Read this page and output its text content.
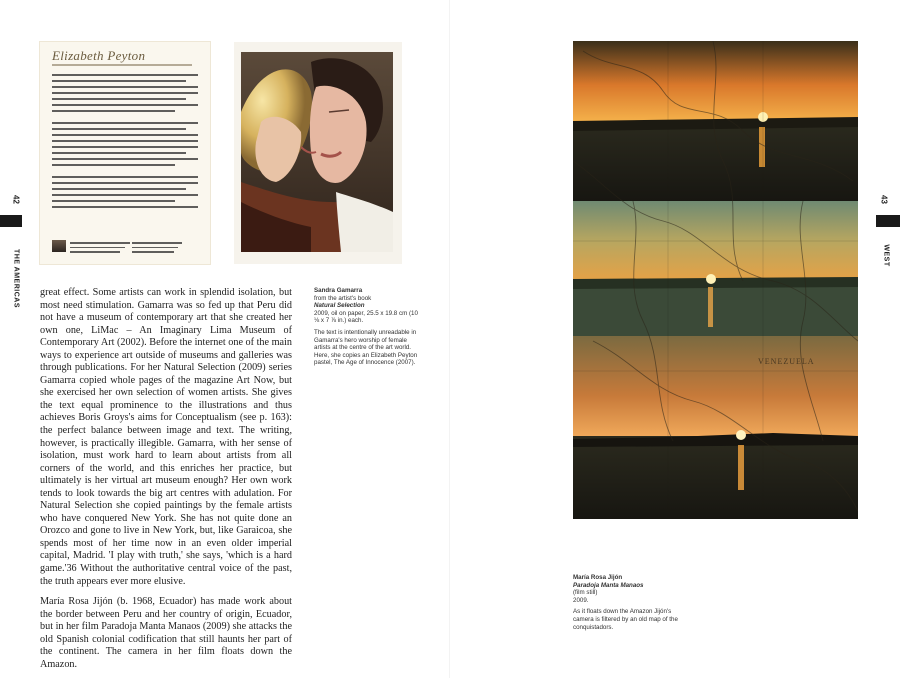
42
THE AMERICAS
Elizabeth Peyton

great effect. Some artists can work in splendid isolation, but most need stimulation. Gamarra was so fed up that Peru did not have a museum of contemporary art that she created her own one, LiMac – An Imaginary Lima Museum of Contemporary Art (2002). Before the internet one of the main ways to experience art outside of museums and galleries was through publications. For her Natural Selection (2009) series Gamarra copied whole pages of the magazine Art Now, but she exercised her own selection of women artists. She gives the text equal prominence to the illustrations and thus achieves Boris Groys's aims for Conceptualism (see p. 163): the perfect balance between image and text. The writing, however, is practically illegible. Gamarra, with her sense of isolation, must work hard to learn about artists from all corners of the world, and this enriches her practice, but ultimately is her virtual art museum enough? Her own work tends to look towards the big art centres with adulation. For Natural Selection she copied paintings by the female artists who have conquered New York. She has not quite done an Orozco and gone to live in New York, but, like Garaicoa, she spends most of her time now in an even older imperial capital, Madrid. 'I play with truth,' she says, 'which is a hard game.'36 Without the authoritative central voice of the past, the truth appears ever more elusive.

María Rosa Jijón (b. 1968, Ecuador) has made work about the border between Peru and her country of origin, Ecuador, but in her film Paradoja Manta Manaos (2009) she attacks the old Spanish colonial codification that still haunts her part of the continent. The camera in her film floats down the Amazon.

Sandra Gamarra
from the artist's book
Natural Selection
2009, oil on paper, 25.5 x 19.8 cm (10 ⅛ x 7 ⅞ in.) each.

The text is intentionally unreadable in Gamarra's hero worship of female artists at the centre of the art world. Here, she copies an Elizabeth Peyton pastel, The Age of Innocence (2007).

43
WEST
VENEZUELA

María Rosa Jijón
Paradoja Manta Manaos
(film still)
2009.

As it floats down the Amazon Jijón's camera is filtered by an old map of the conquistadors.
